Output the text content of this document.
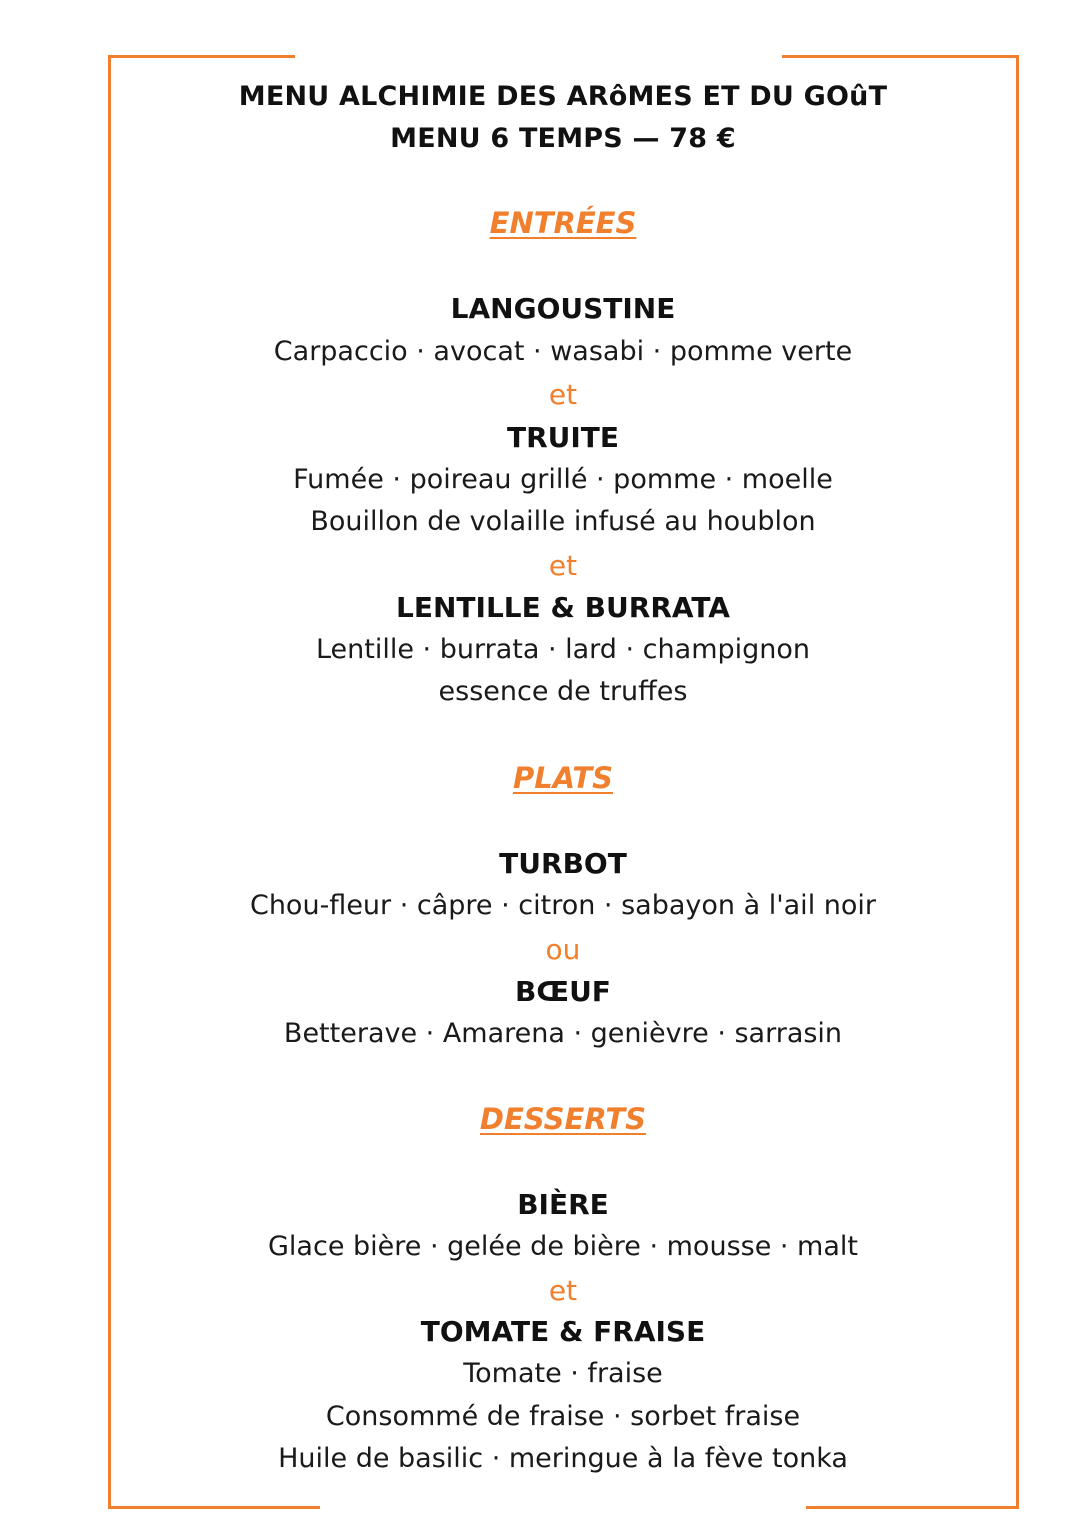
MENU ALCHIMIE DES ARôMES ET DU GOûT
MENU 6 TEMPS — 78 €
ENTRÉES
LANGOUSTINE
Carpaccio · avocat · wasabi · pomme verte
et
TRUITE
Fumée · poireau grillé · pomme · moelle
Bouillon de volaille infusé au houblon
et
LENTILLE & BURRATA
Lentille · burrata · lard · champignon
essence de truffes
PLATS
TURBOT
Chou-fleur · câpre · citron · sabayon à l'ail noir
ou
BŒUF
Betterave · Amarena · genièvre · sarrasin
DESSERTS
BIÈRE
Glace bière · gelée de bière · mousse · malt
et
TOMATE & FRAISE
Tomate · fraise
Consommé de fraise · sorbet fraise
Huile de basilic · meringue à la fève tonka
